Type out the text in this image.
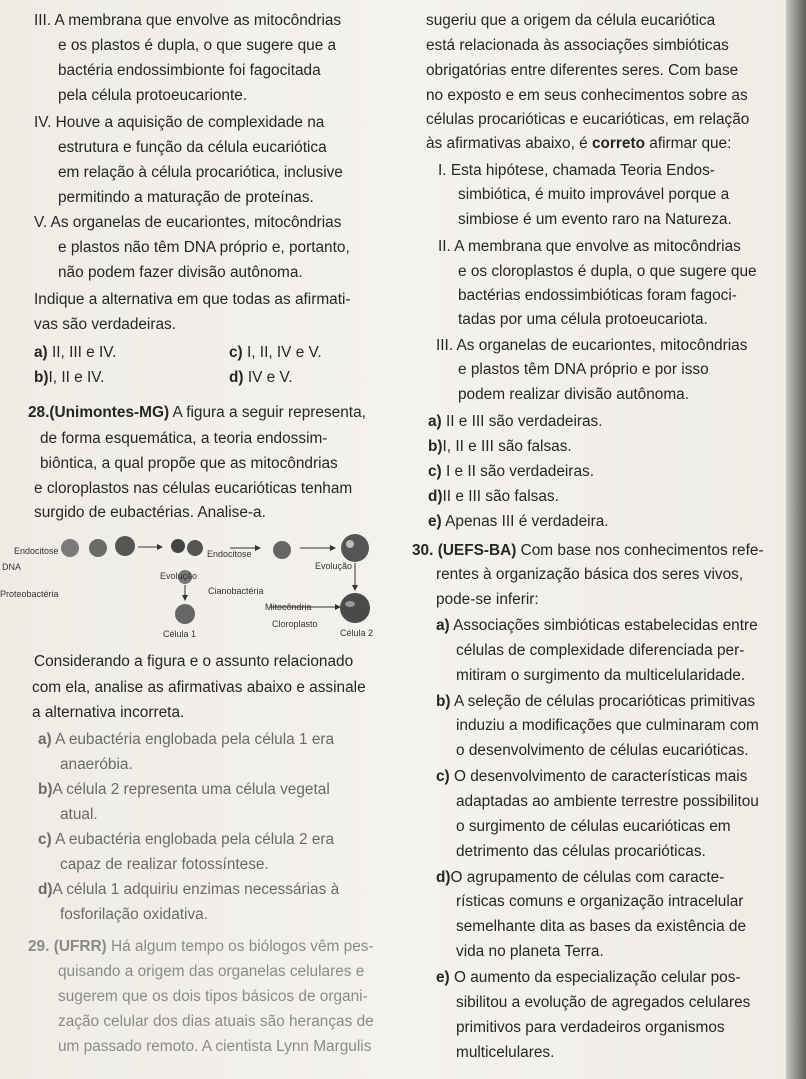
III. A membrana que envolve as mitocôndrias
e os plastos é dupla, o que sugere que a
bactéria endossimbionte foi fagocitada
pela célula protoeucarionte.
IV. Houve a aquisição de complexidade na
estrutura e função da célula eucariótica
em relação à célula procariótica, inclusive
permitindo a maturação de proteínas.
V. As organelas de eucariontes, mitocôndrias
e plastos não têm DNA próprio e, portanto,
não podem fazer divisão autônoma.
Indique a alternativa em que todas as afirmati-
vas são verdadeiras.
a) II, III e IV.	c) I, II, IV e V.
b)I, II e IV.	d) IV e V.
28.(Unimontes-MG) A figura a seguir representa,
de forma esquemática, a teoria endossim-
biôntica, a qual propõe que as mitocôndrias
e cloroplastos nas células eucarióticas tenham
surgido de eubactérias. Analise-a.
Endocitose	Endocitose
DNA
Evolução
Evolução
Proteobactéria	Cianobactéria
Mitocôndria
Cloroplasto
Célula 1	Célula 2
Considerando a figura e o assunto relacionado
com ela, analise as afirmativas abaixo e assinale
a alternativa incorreta.
a) A eubactéria englobada pela célula 1 era
anaeróbia.
b)A célula 2 representa uma célula vegetal
atual.
c) A eubactéria englobada pela célula 2 era
capaz de realizar fotossíntese.
d)A célula 1 adquiriu enzimas necessárias à
fosforilação oxidativa.
29. (UFRR) Há algum tempo os biólogos vêm pes-
quisando a origem das organelas celulares e
sugerem que os dois tipos básicos de organi-
zação celular dos dias atuais são heranças de
um passado remoto. A cientista Lynn Margulis
sugeriu que a origem da célula eucariótica
está relacionada às associações simbióticas
obrigatórias entre diferentes seres. Com base
no exposto e em seus conhecimentos sobre as
células procarióticas e eucarióticas, em relação
às afirmativas abaixo, é correto afirmar que:
I. Esta hipótese, chamada Teoria Endos-
simbiótica, é muito improvável porque a
simbiose é um evento raro na Natureza.
II. A membrana que envolve as mitocôndrias
e os cloroplastos é dupla, o que sugere que
bactérias endossimbióticas foram fagoci-
tadas por uma célula protoeucariota.
III. As organelas de eucariontes, mitocôndrias
e plastos têm DNA próprio e por isso
podem realizar divisão autônoma.
a) II e III são verdadeiras.
b)I, II e III são falsas.
c) I e II são verdadeiras.
d)II e III são falsas.
e) Apenas III é verdadeira.
30. (UEFS-BA) Com base nos conhecimentos refe-
rentes à organização básica dos seres vivos,
pode-se inferir:
a) Associações simbióticas estabelecidas entre
células de complexidade diferenciada per-
mitiram o surgimento da multicelularidade.
b) A seleção de células procarióticas primitivas
induziu a modificações que culminaram com
o desenvolvimento de células eucarióticas.
c) O desenvolvimento de características mais
adaptadas ao ambiente terrestre possibilitou
o surgimento de células eucarióticas em
detrimento das células procarióticas.
d)O agrupamento de células com caracte-
rísticas comuns e organização intracelular
semelhante dita as bases da existência de
vida no planeta Terra.
e) O aumento da especialização celular pos-
sibilitou a evolução de agregados celulares
primitivos para verdadeiros organismos
multicelulares.
